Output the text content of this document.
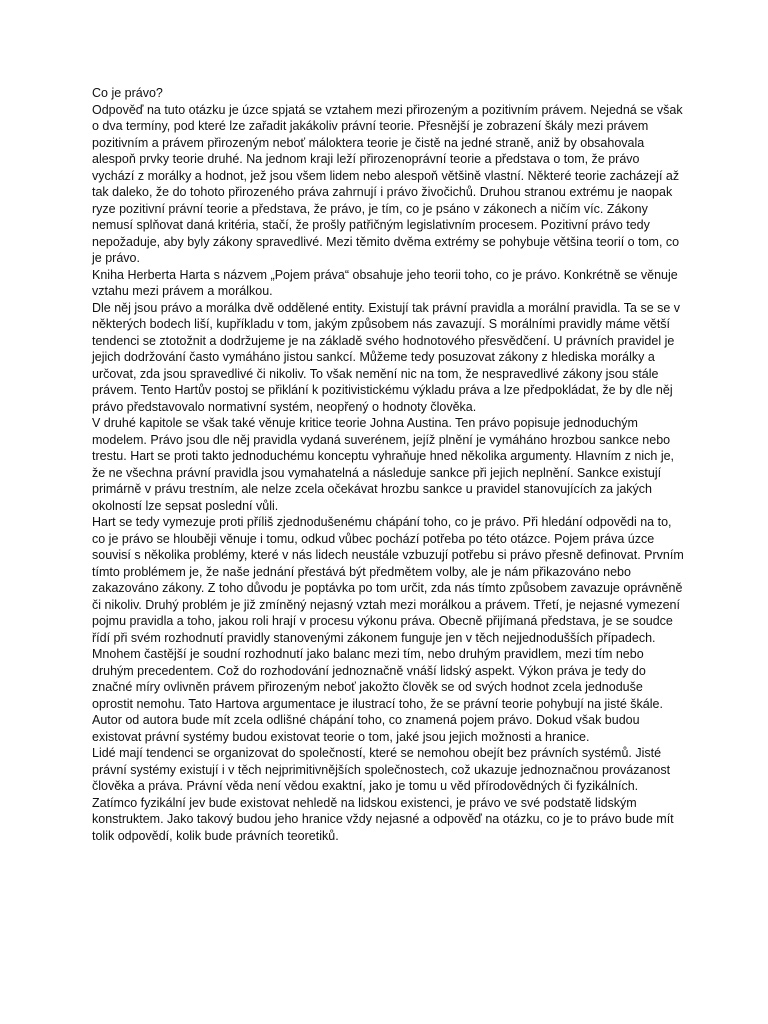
Co je právo?

Odpověď na tuto otázku je úzce spjatá se vztahem mezi přirozeným a pozitivním právem. Nejedná se však o dva termíny, pod které lze zařadit jakákoliv právní teorie. Přesnější je zobrazení škály mezi právem pozitivním a právem přirozeným neboť máloktera teorie je čistě na jedné straně, aniž by obsahovala alespoň prvky teorie druhé. Na jednom kraji leží přirozenoprávní teorie a představa o tom, že právo vychází z morálky a hodnot, jež jsou všem lidem nebo alespoň většině vlastní. Některé teorie zacházejí až tak daleko, že do tohoto přirozeného práva zahrnují i právo živočichů. Druhou stranou extrému je naopak ryze pozitivní právní teorie a představa, že právo, je tím, co je psáno v zákonech a ničím víc. Zákony nemusí splňovat daná kritéria, stačí, že prošly patřičným legislativním procesem. Pozitivní právo tedy nepožaduje, aby byly zákony spravedlivé. Mezi těmito dvěma extrémy se pohybuje většina teorií o tom, co je právo.

Kniha Herberta Harta s názvem „Pojem práva“ obsahuje jeho teorii toho, co je právo. Konkrétně se věnuje vztahu mezi právem a morálkou.

Dle něj jsou právo a morálka dvě oddělené entity. Existují tak právní pravidla a morální pravidla. Ta se se v některých bodech liší, kupříkladu v tom, jakým způsobem nás zavazují. S morálními pravidly máme větší tendenci se ztotožnit a dodržujeme je na základě svého hodnotového přesvědčení. U právních pravidel je jejich dodržování často vymáháno jistou sankcí. Můžeme tedy posuzovat zákony z hlediska morálky a určovat, zda jsou spravedlivé či nikoliv. To však nemění nic na tom, že nespravedlivé zákony jsou stále právem. Tento Hartův postoj se přiklání k pozitivistickému výkladu práva a lze předpokládat, že by dle něj právo představovalo normativní systém, neopřený o hodnoty člověka.

V druhé kapitole se však také věnuje kritice teorie Johna Austina. Ten právo popisuje jednoduchým modelem. Právo jsou dle něj pravidla vydaná suverénem, jejíž plnění je vymáháno hrozbou sankce nebo trestu. Hart se proti takto jednoduchému konceptu vyhraňuje hned několika argumenty. Hlavním z nich je, že ne všechna právní pravidla jsou vymahatelná a následuje sankce při jejich neplnění. Sankce existují primárně v právu trestním, ale nelze zcela očekávat hrozbu sankce u pravidel stanovujících za jakých okolností lze sepsat poslední vůli.

Hart se tedy vymezuje proti příliš zjednodušenému chápání toho, co je právo. Při hledání odpovědi na to, co je právo se hlouběji věnuje i tomu, odkud vůbec pochází potřeba po této otázce. Pojem práva úzce souvisí s několika problémy, které v nás lidech neustále vzbuzují potřebu si právo přesně definovat. Prvním tímto problémem je, že naše jednání přestává být předmětem volby, ale je nám přikazováno nebo zakazováno zákony. Z toho důvodu je poptávka po tom určit, zda nás tímto způsobem zavazuje oprávněně či nikoliv. Druhý problém je již zmíněný nejasný vztah mezi morálkou a právem. Třetí, je nejasné vymezení pojmu pravidla a toho, jakou roli hrají v procesu výkonu práva. Obecně přijímaná představa, je se soudce řídí při svém rozhodnutí pravidly stanovenými zákonem funguje jen v těch nejjednodušších případech. Mnohem častější je soudní rozhodnutí jako balanc mezi tím, nebo druhým pravidlem, mezi tím nebo druhým precedentem. Což do rozhodování jednoznačně vnáší lidský aspekt. Výkon práva je tedy do značné míry ovlivněn právem přirozeným neboť jakožto člověk se od svých hodnot zcela jednoduše oprostit nemohu. Tato Hartova argumentace je ilustrací toho, že se právní teorie pohybují na jisté škále. Autor od autora bude mít zcela odlišné chápání toho, co znamená pojem právo. Dokud však budou existovat právní systémy budou existovat teorie o tom, jaké jsou jejich možnosti a hranice.

Lidé mají tendenci se organizovat do společností, které se nemohou obejít bez právních systémů. Jisté právní systémy existují i v těch nejprimitivnějších společnostech, což ukazuje jednoznačnou provázanost člověka a práva. Právní věda není vědou exaktní, jako je tomu u věd přírodovědných či fyzikálních. Zatímco fyzikální jev bude existovat nehledě na lidskou existenci, je právo ve své podstatě lidským konstruktem. Jako takový budou jeho hranice vždy nejasné a odpověď na otázku, co je to právo bude mít tolik odpovědí, kolik bude právních teoretiků.
